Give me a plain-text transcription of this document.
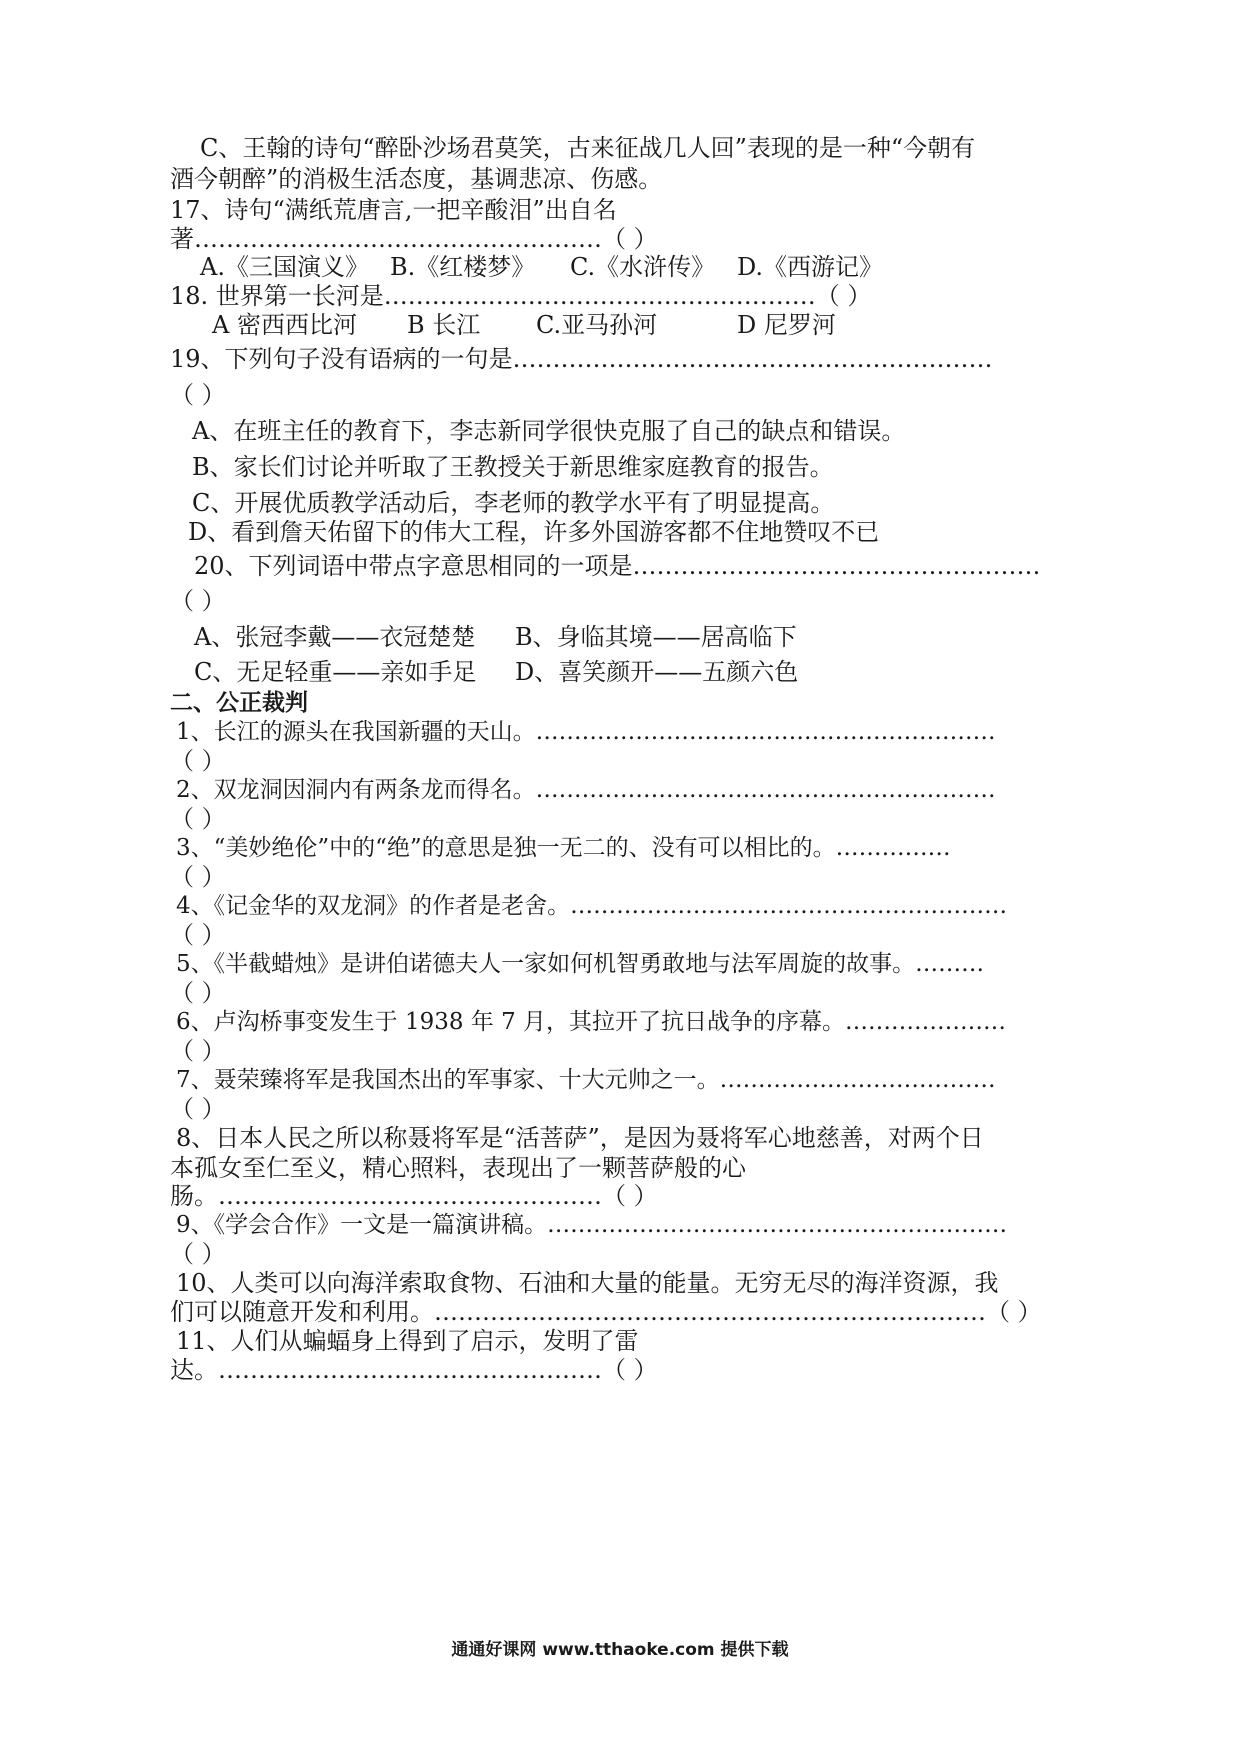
C、王翰的诗句“醉卧沙场君莫笑，古来征战几人回”表现的是一种“今朝有
酒今朝醉”的消极生活态度，基调悲凉、伤感。
17、诗句“满纸荒唐言,一把辛酸泪”出自名
著……………………………………………（ ）
A.《三国演义》 B.《红楼梦》 C.《水浒传》 D.《西游记》
18. 世界第一长河是………………………………………………（ ）
A 密西西比河 B 长江 C.亚马孙河	D 尼罗河
19、下列句子没有语病的一句是……………………………………………………
（ ）
A、在班主任的教育下，李志新同学很快克服了自己的缺点和错误。
B、家长们讨论并听取了王教授关于新思维家庭教育的报告。
C、开展优质教学活动后，李老师的教学水平有了明显提高。
D、看到詹天佑留下的伟大工程，许多外国游客都不住地赞叹不已
20、下列词语中带点字意思相同的一项是……………………………………………
（ ）
A、张冠李戴——衣冠楚楚 B、身临其境——居高临下
C、无足轻重——亲如手足 D、喜笑颜开——五颜六色
二、公正裁判
1、长江的源头在我国新疆的天山。……………………………………………………
（ ）
2、双龙洞因洞内有两条龙而得名。……………………………………………………
（ ）
3、“美妙绝伦”中的“绝”的意思是独一无二的、没有可以相比的。……………
（ ）
4、《记金华的双龙洞》的作者是老舍。…………………………………………………
（ ）
5、《半截蜡烛》是讲伯诺德夫人一家如何机智勇敢地与法军周旋的故事。………
（ ）
6、卢沟桥事变发生于 1938 年 7 月，其拉开了抗日战争的序幕。…………………
（ ）
7、聂荣臻将军是我国杰出的军事家、十大元帅之一。………………………………
（ ）
8、日本人民之所以称聂将军是“活菩萨”，是因为聂将军心地慈善，对两个日
本孤女至仁至义，精心照料，表现出了一颗菩萨般的心
肠。…………………………………………（ ）
9、《学会合作》一文是一篇演讲稿。……………………………………………………
（ ）
10、人类可以向海洋索取食物、石油和大量的能量。无穷无尽的海洋资源，我
们可以随意开发和利用。……………………………………………………………（ ）
11、人们从蝙蝠身上得到了启示，发明了雷
达。…………………………………………（ ）
通通好课网 www.tthaoke.com 提供下载
